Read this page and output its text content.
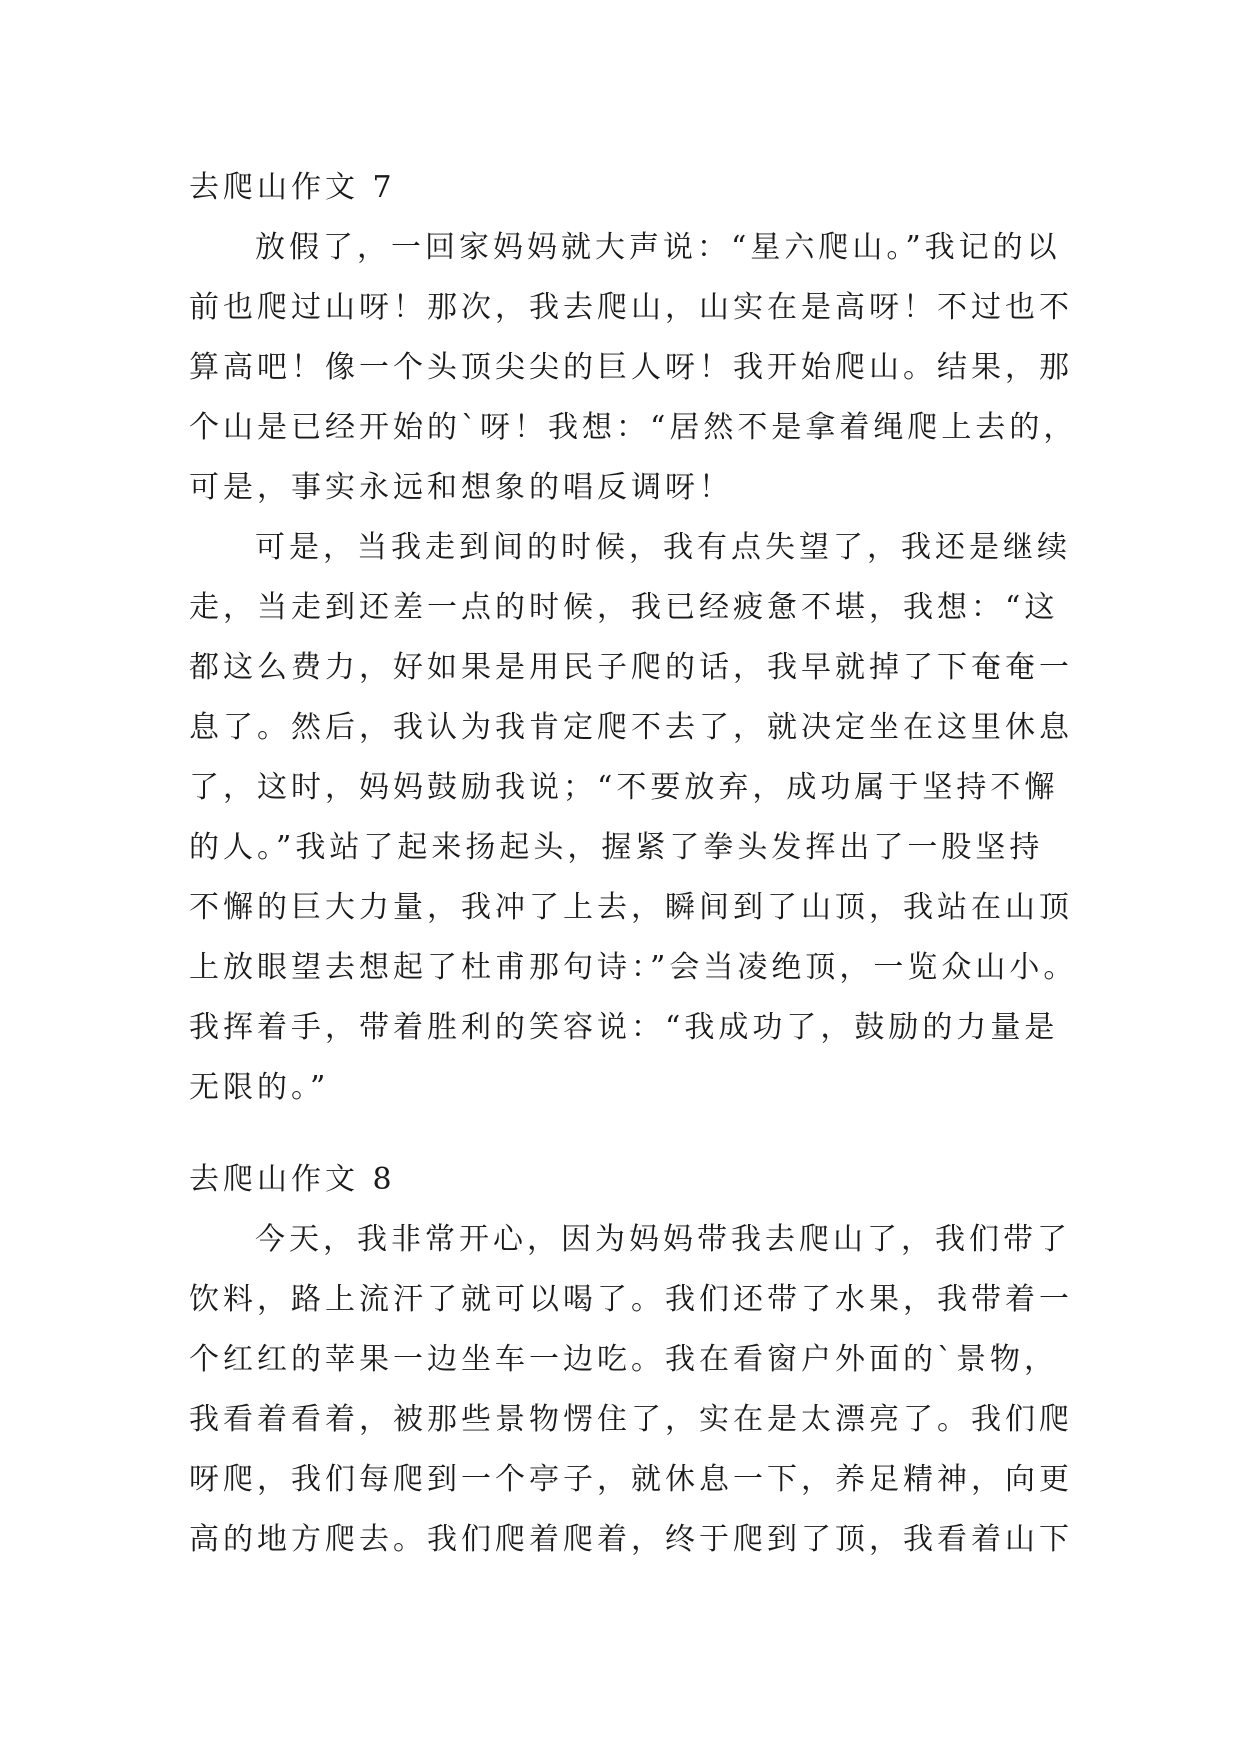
去爬山作文 7
放假了，一回家妈妈就大声说：“星六爬山。”我记的以
前也爬过山呀！那次，我去爬山，山实在是高呀！不过也不
算高吧！像一个头顶尖尖的巨人呀！我开始爬山。结果，那
个山是已经开始的`呀！我想：“居然不是拿着绳爬上去的，
可是，事实永远和想象的唱反调呀！
可是，当我走到间的时候，我有点失望了，我还是继续
走，当走到还差一点的时候，我已经疲惫不堪，我想：“这
都这么费力，好如果是用民子爬的话，我早就掉了下奄奄一
息了。然后，我认为我肯定爬不去了，就决定坐在这里休息
了，这时，妈妈鼓励我说；“不要放弃，成功属于坚持不懈
的人。”我站了起来扬起头，握紧了拳头发挥出了一股坚持
不懈的巨大力量，我冲了上去，瞬间到了山顶，我站在山顶
上放眼望去想起了杜甫那句诗：”会当凌绝顶，一览众山小。
我挥着手，带着胜利的笑容说：“我成功了，鼓励的力量是
无限的。”
去爬山作文 8
今天，我非常开心，因为妈妈带我去爬山了，我们带了
饮料，路上流汗了就可以喝了。我们还带了水果，我带着一
个红红的苹果一边坐车一边吃。我在看窗户外面的`景物，
我看着看着，被那些景物愣住了，实在是太漂亮了。我们爬
呀爬，我们每爬到一个亭子，就休息一下，养足精神，向更
高的地方爬去。我们爬着爬着，终于爬到了顶，我看着山下
